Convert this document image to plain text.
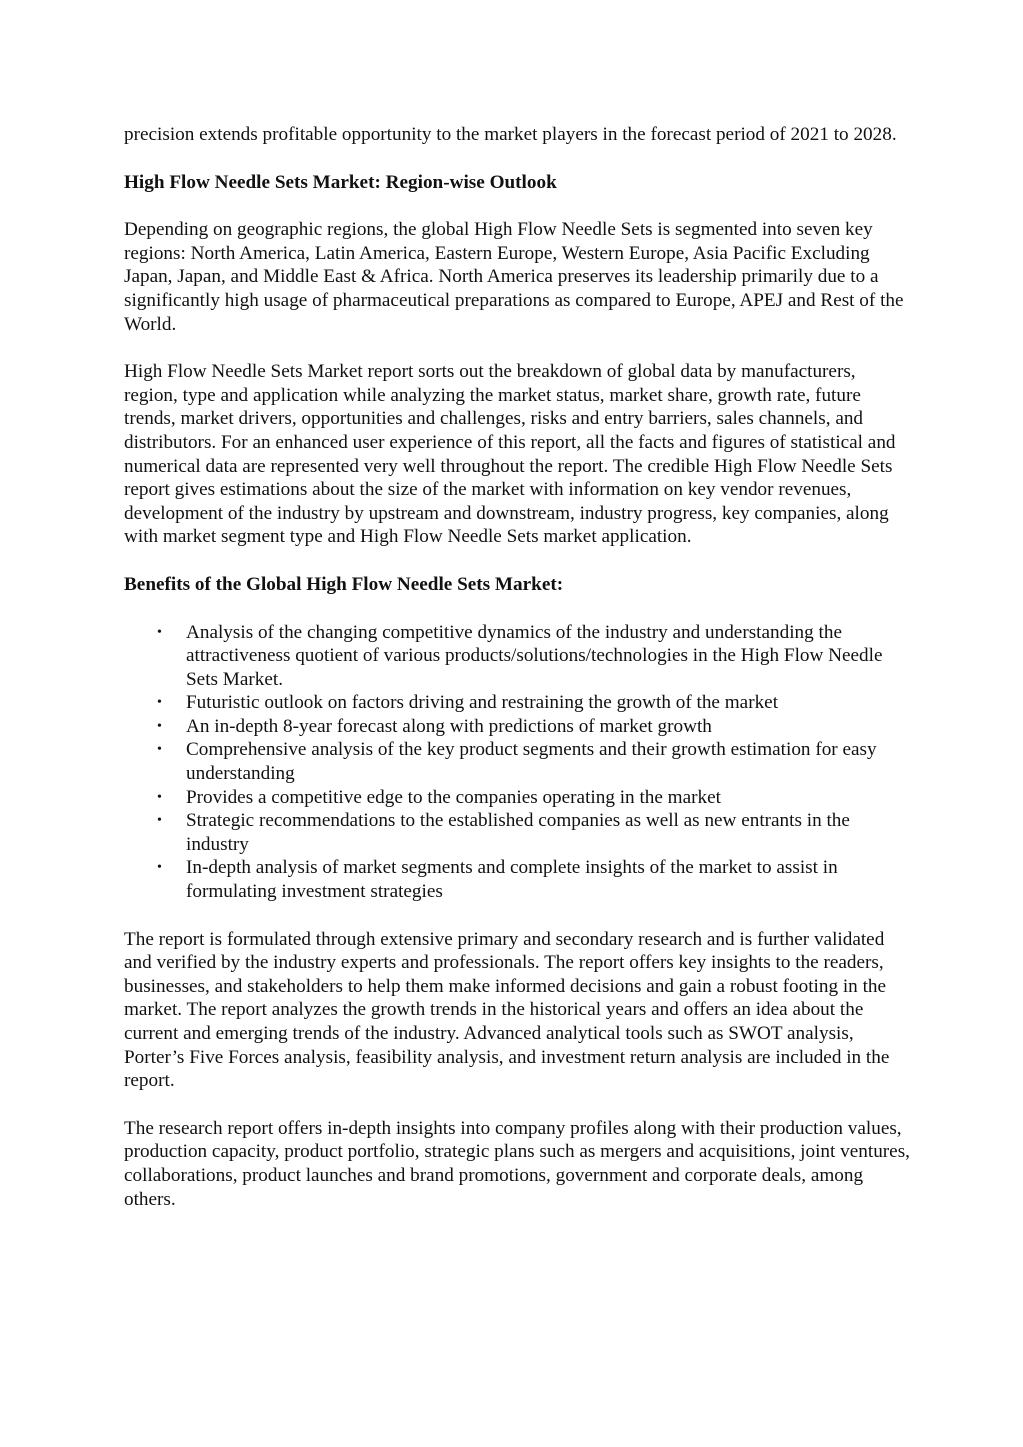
precision extends profitable opportunity to the market players in the forecast period of 2021 to 2028.

High Flow Needle Sets Market: Region-wise Outlook

Depending on geographic regions, the global High Flow Needle Sets is segmented into seven key regions: North America, Latin America, Eastern Europe, Western Europe, Asia Pacific Excluding Japan, Japan, and Middle East & Africa. North America preserves its leadership primarily due to a significantly high usage of pharmaceutical preparations as compared to Europe, APEJ and Rest of the World.

High Flow Needle Sets Market report sorts out the breakdown of global data by manufacturers, region, type and application while analyzing the market status, market share, growth rate, future trends, market drivers, opportunities and challenges, risks and entry barriers, sales channels, and distributors. For an enhanced user experience of this report, all the facts and figures of statistical and numerical data are represented very well throughout the report. The credible High Flow Needle Sets report gives estimations about the size of the market with information on key vendor revenues, development of the industry by upstream and downstream, industry progress, key companies, along with market segment type and High Flow Needle Sets market application.

Benefits of the Global High Flow Needle Sets Market:
• Analysis of the changing competitive dynamics of the industry and understanding the attractiveness quotient of various products/solutions/technologies in the High Flow Needle Sets Market.
• Futuristic outlook on factors driving and restraining the growth of the market
• An in-depth 8-year forecast along with predictions of market growth
• Comprehensive analysis of the key product segments and their growth estimation for easy understanding
• Provides a competitive edge to the companies operating in the market
• Strategic recommendations to the established companies as well as new entrants in the industry
• In-depth analysis of market segments and complete insights of the market to assist in formulating investment strategies

The report is formulated through extensive primary and secondary research and is further validated and verified by the industry experts and professionals. The report offers key insights to the readers, businesses, and stakeholders to help them make informed decisions and gain a robust footing in the market. The report analyzes the growth trends in the historical years and offers an idea about the current and emerging trends of the industry. Advanced analytical tools such as SWOT analysis, Porter’s Five Forces analysis, feasibility analysis, and investment return analysis are included in the report.

The research report offers in-depth insights into company profiles along with their production values, production capacity, product portfolio, strategic plans such as mergers and acquisitions, joint ventures, collaborations, product launches and brand promotions, government and corporate deals, among others.
